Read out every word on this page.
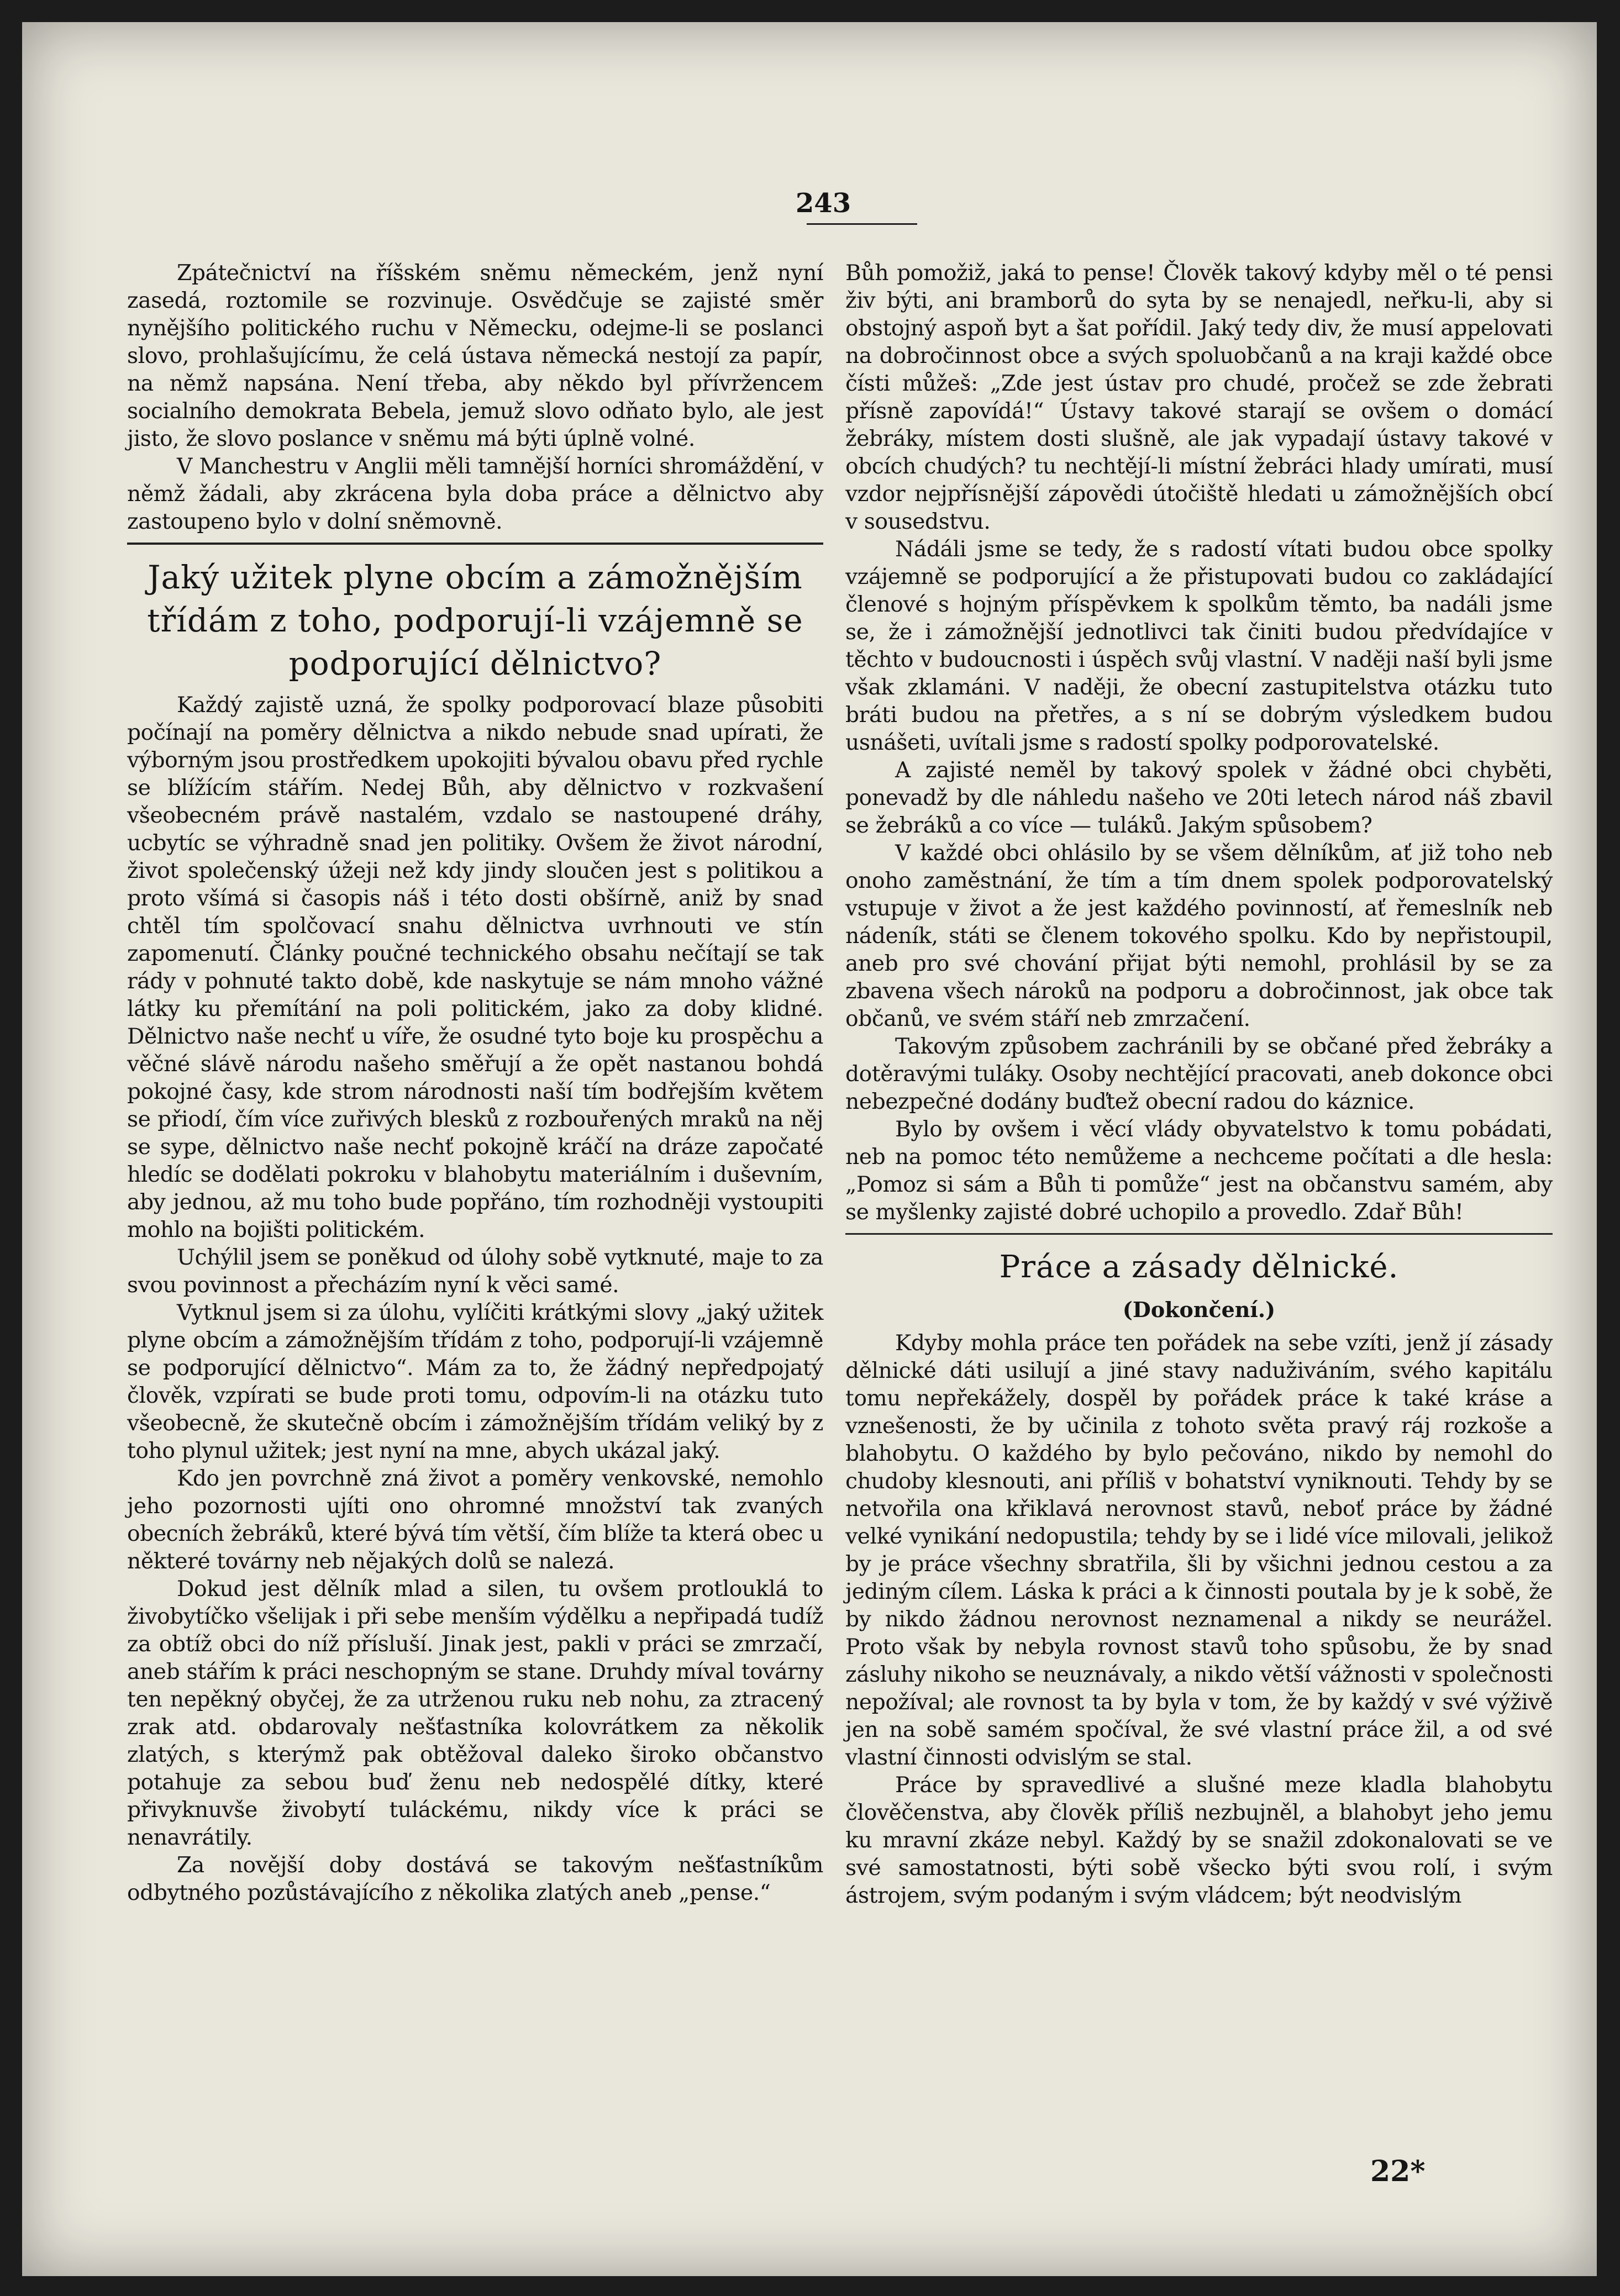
243

Zpátečnictví na říšském sněmu německém, jenž nyní zasedá, roztomile se rozvinuje. Osvědčuje se zajisté směr nynějšího politického ruchu v Německu, odejme-li se poslanci slovo, prohlašujícímu, že celá ústava německá nestojí za papír, na němž napsána. Není třeba, aby někdo byl přívržencem socialního demokrata Bebela, jemuž slovo odňato bylo, ale jest jisto, že slovo poslance v sněmu má býti úplně volné.

V Manchestru v Anglii měli tamnější horníci shromáždění, v němž žádali, aby zkrácena byla doba práce a dělnictvo aby zastoupeno bylo v dolní sněmovně.

Jaký užitek plyne obcím a zámožnějším třídám z toho, podporují-li vzájemně se podporující dělnictvo?

Každý zajistě uzná, že spolky podporovací blaze působiti počínají na poměry dělnictva a nikdo nebude snad upírati, že výborným jsou prostředkem upokojiti bývalou obavu před rychle se blížícím stářím. Nedej Bůh, aby dělnictvo v rozkvašení všeobecném právě nastalém, vzdalo se nastoupené dráhy, ucbytíc se výhradně snad jen politiky. Ovšem že život národní, život společenský úžeji než kdy jindy sloučen jest s politikou a proto všímá si časopis náš i této dosti obšírně, aniž by snad chtěl tím spolčovací snahu dělnictva uvrhnouti ve stín zapomenutí. Články poučné technického obsahu nečítají se tak rády v pohnuté takto době, kde naskytuje se nám mnoho vážné látky ku přemítání na poli politickém, jako za doby klidné. Dělnictvo naše nechť u víře, že osudné tyto boje ku prospěchu a věčné slávě národu našeho směřují a že opět nastanou bohdá pokojné časy, kde strom národnosti naší tím bodřejším květem se přiodí, čím více zuřivých blesků z rozbouřených mraků na něj se sype, dělnictvo naše nechť pokojně kráčí na dráze započaté hledíc se dodělati pokroku v blahobytu materiálním i duševním, aby jednou, až mu toho bude popřáno, tím rozhodněji vystoupiti mohlo na bojišti politickém.

Uchýlil jsem se poněkud od úlohy sobě vytknuté, maje to za svou povinnost a přecházím nyní k věci samé.

Vytknul jsem si za úlohu, vylíčiti krátkými slovy „jaký užitek plyne obcím a zámožnějším třídám z toho, podporují-li vzájemně se podporující dělnictvo“. Mám za to, že žádný nepředpojatý člověk, vzpírati se bude proti tomu, odpovím-li na otázku tuto všeobecně, že skutečně obcím i zámožnějším třídám veliký by z toho plynul užitek; jest nyní na mne, abych ukázal jaký.

Kdo jen povrchně zná život a poměry venkovské, nemohlo jeho pozornosti ujíti ono ohromné množství tak zvaných obecních žebráků, které bývá tím větší, čím blíže ta která obec u některé továrny neb nějakých dolů se nalezá.

Dokud jest dělník mlad a silen, tu ovšem protlouklá to živobytíčko všelijak i při sebe menším výdělku a nepřipadá tudíž za obtíž obci do níž přísluší. Jinak jest, pakli v práci se zmrzačí, aneb stářím k práci neschopným se stane. Druhdy míval továrny ten nepěkný obyčej, že za utrženou ruku neb nohu, za ztracený zrak atd. obdarovaly nešťastníka kolovrátkem za několik zlatých, s kterýmž pak obtěžoval daleko široko občanstvo potahuje za sebou buď ženu neb nedospělé dítky, které přivyknuvše živobytí tuláckému, nikdy více k práci se nenavrátily.

Za novější doby dostává se takovým nešťastníkům odbytného pozůstávajícího z několika zlatých aneb „pense.“

Bůh pomožiž, jaká to pense! Člověk takový kdyby měl o té pensi živ býti, ani bramborů do syta by se nenajedl, neřku-li, aby si obstojný aspoň byt a šat pořídil. Jaký tedy div, že musí appelovati na dobročinnost obce a svých spoluobčanů a na kraji každé obce čísti můžeš: „Zde jest ústav pro chudé, pročež se zde žebrati přísně zapovídá!“ Ústavy takové starají se ovšem o domácí žebráky, místem dosti slušně, ale jak vypadají ústavy takové v obcích chudých? tu nechtějí-li místní žebráci hlady umírati, musí vzdor nejpřísnější zápovědi útočiště hledati u zámožnějších obcí v sousedstvu.

Nádáli jsme se tedy, že s radostí vítati budou obce spolky vzájemně se podporující a že přistupovati budou co zakládající členové s hojným příspěvkem k spolkům těmto, ba nadáli jsme se, že i zámožnější jednotlivci tak činiti budou předvídajíce v těchto v budoucnosti i úspěch svůj vlastní. V naději naší byli jsme však zklamáni. V naději, že obecní zastupitelstva otázku tuto bráti budou na přetřes, a s ní se dobrým výsledkem budou usnášeti, uvítali jsme s radostí spolky podporovatelské.

A zajisté neměl by takový spolek v žádné obci chyběti, ponevadž by dle náhledu našeho ve 20ti letech národ náš zbavil se žebráků a co více — tuláků. Jakým spůsobem?

V každé obci ohlásilo by se všem dělníkům, ať již toho neb onoho zaměstnání, že tím a tím dnem spolek podporovatelský vstupuje v život a že jest každého povinností, ať řemeslník neb nádeník, státi se členem tokového spolku. Kdo by nepřistoupil, aneb pro své chování přijat býti nemohl, prohlásil by se za zbavena všech nároků na podporu a dobročinnost, jak obce tak občanů, ve svém stáří neb zmrzačení.

Takovým způsobem zachránili by se občané před žebráky a dotěravými tuláky. Osoby nechtějící pracovati, aneb dokonce obci nebezpečné dodány buďtež obecní radou do káznice.

Bylo by ovšem i věcí vlády obyvatelstvo k tomu pobádati, neb na pomoc této nemůžeme a nechceme počítati a dle hesla: „Pomoz si sám a Bůh ti pomůže“ jest na občanstvu samém, aby se myšlenky zajisté dobré uchopilo a provedlo. Zdař Bůh!

Práce a zásady dělnické.
(Dokončení.)

Kdyby mohla práce ten pořádek na sebe vzíti, jenž jí zásady dělnické dáti usilují a jiné stavy naduživáním, svého kapitálu tomu nepřekážely, dospěl by pořádek práce k také krásе a vznešenosti, že by učinila z tohoto světa pravý ráj rozkoše a blahobytu. O každého by bylo pečováno, nikdo by nemohl do chudoby klesnouti, ani příliš v bohatství vyniknouti. Tehdy by se netvořila ona křiklavá nerovnost stavů, neboť práce by žádné velké vynikání nedopustila; tehdy by se i lidé více milovali, jelikož by je práce všechny sbratřila, šli by všichni jednou cestou a za jediným cílem. Láska k práci a k činnosti poutala by je k sobě, že by nikdo žádnou nerovnost neznamenal a nikdy se neurážel. Proto však by nebyla rovnost stavů toho spůsobu, že by snad zásluhy nikoho se neuznávaly, a nikdo větší vážnosti v společnosti nepožíval; ale rovnost ta by byla v tom, že by každý v své výživě jen na sobě samém spočíval, že své vlastní práce žil, a od své vlastní činnosti odvislým se stal.

Práce by spravedlivé a slušné meze kladla blahobytu člověčenstva, aby člověk příliš nezbujněl, a blahobyt jeho jemu ku mravní zkáze nebyl. Každý by se snažil zdokonalovati se ve své samostatnosti, býti sobě všecko býti svou rolí, i svým ástrojem, svým podaným i svým vládcem; být neodvislým

22*
